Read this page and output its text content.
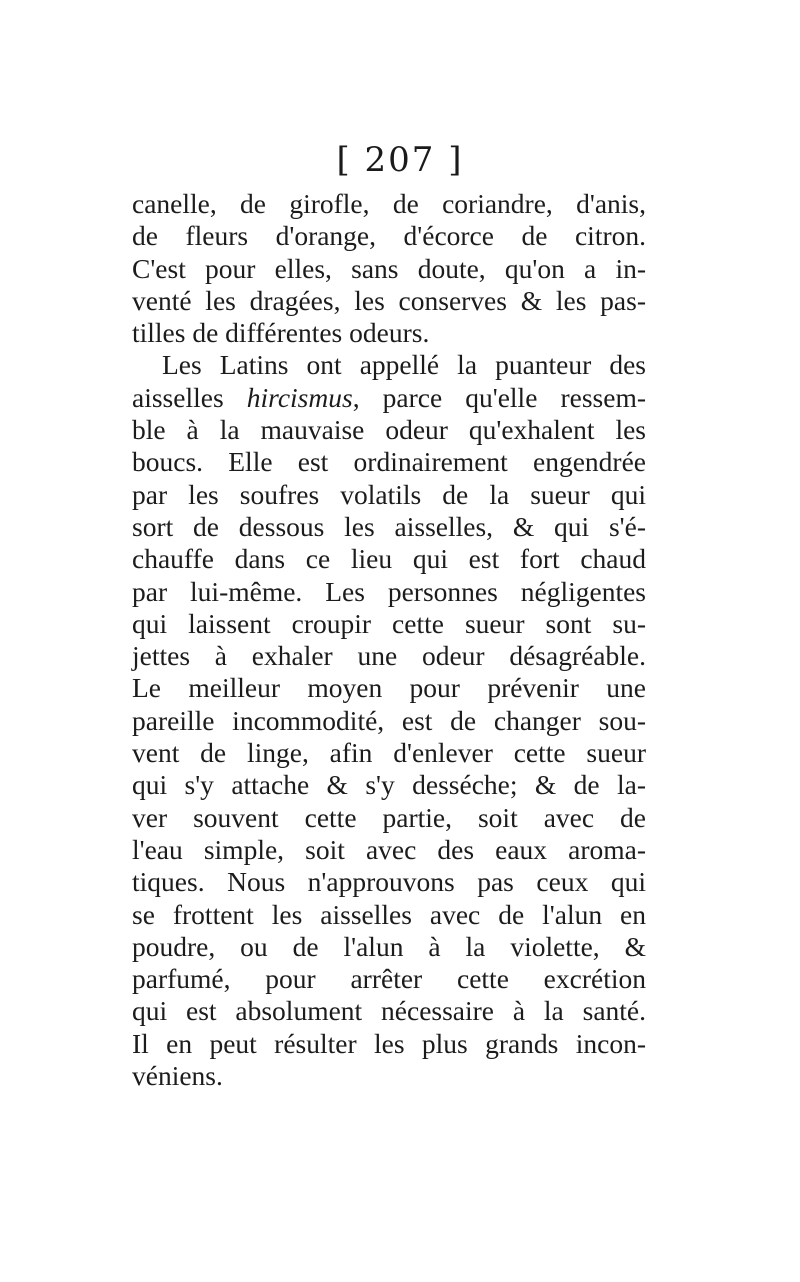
[ 207 ]
canelle, de girofle, de coriandre, d'anis,
de fleurs d'orange, d'écorce de citron.
C'est pour elles, sans doute, qu'on a in-
venté les dragées, les conserves & les pas-
tilles de différentes odeurs.
Les Latins ont appellé la puanteur des
aisselles hircismus, parce qu'elle ressem-
ble à la mauvaise odeur qu'exhalent les
boucs. Elle est ordinairement engendrée
par les soufres volatils de la sueur qui
sort de dessous les aisselles, & qui s'é-
chauffe dans ce lieu qui est fort chaud
par lui-même. Les personnes négligentes
qui laissent croupir cette sueur sont su-
jettes à exhaler une odeur désagréable.
Le meilleur moyen pour prévenir une
pareille incommodité, est de changer sou-
vent de linge, afin d'enlever cette sueur
qui s'y attache & s'y desséche; & de la-
ver souvent cette partie, soit avec de
l'eau simple, soit avec des eaux aroma-
tiques. Nous n'approuvons pas ceux qui
se frottent les aisselles avec de l'alun en
poudre, ou de l'alun à la violette, &
parfumé, pour arrêter cette excrétion
qui est absolument nécessaire à la santé.
Il en peut résulter les plus grands incon-
véniens.
